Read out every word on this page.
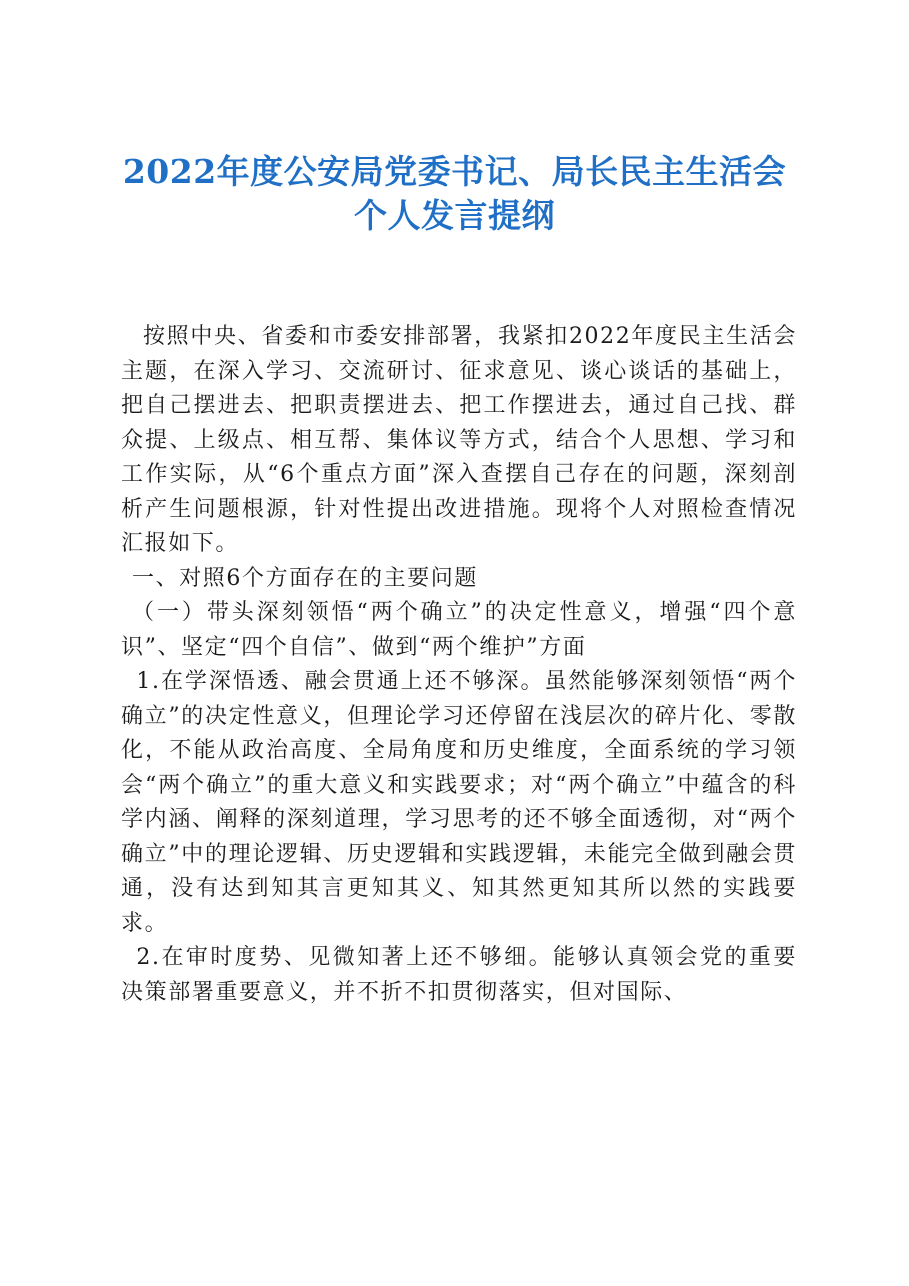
2022年度公安局党委书记、局长民主生活会
个人发言提纲

按照中央、省委和市委安排部署，我紧扣2022年度民主生活会主题，在深入学习、交流研讨、征求意见、谈心谈话的基础上，把自己摆进去、把职责摆进去、把工作摆进去，通过自己找、群众提、上级点、相互帮、集体议等方式，结合个人思想、学习和工作实际，从“6个重点方面”深入查摆自己存在的问题，深刻剖析产生问题根源，针对性提出改进措施。现将个人对照检查情况汇报如下。

一、对照6个方面存在的主要问题

（一）带头深刻领悟“两个确立”的决定性意义，增强“四个意识”、坚定“四个自信”、做到“两个维护”方面

1.在学深悟透、融会贯通上还不够深。虽然能够深刻领悟“两个确立”的决定性意义，但理论学习还停留在浅层次的碎片化、零散化，不能从政治高度、全局角度和历史维度，全面系统的学习领会“两个确立”的重大意义和实践要求；对“两个确立”中蕴含的科学内涵、阐释的深刻道理，学习思考的还不够全面透彻，对“两个确立”中的理论逻辑、历史逻辑和实践逻辑，未能完全做到融会贯通，没有达到知其言更知其义、知其然更知其所以然的实践要求。

2.在审时度势、见微知著上还不够细。能够认真领会党的重要决策部署重要意义，并不折不扣贯彻落实，但对国际、
